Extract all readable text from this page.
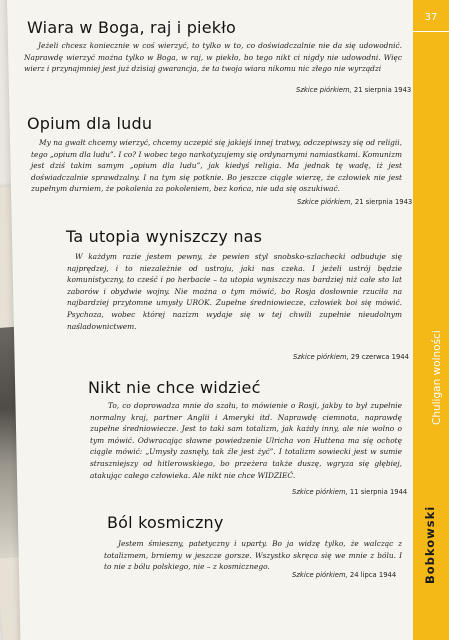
37
Chuligan wolności
Bobkowski
Wiara w Boga, raj i piekło
Jeżeli chcesz koniecznie w coś wierzyć, to tylko w to, co doświadczalnie nie da się udowodnić. Naprawdę wierzyć można tylko w Boga, w raj, w piekło, bo tego nikt ci nigdy nie udowodni. Więc wierz i przynajmniej jest już dzisiaj gwarancja, że ta twoja wiara nikomu nic złego nie wyrządzi
Szkice piórkiem, 21 sierpnia 1943
Opium dla ludu
My na gwałt chcemy wierzyć, chcemy uczepić się jakiejś innej tratwy, odczepiwszy się od religii, tego „opium dla ludu”. I co? I wobec tego narkotyzujemy się ordynarnymi namiastkami. Komunizm jest dziś takim samym „opium dla ludu”, jak kiedyś religia. Ma jednak tę wadę, iż jest doświadczalnie sprawdzalny. I na tym się potknie. Bo jeszcze ciągle wierzę, że człowiek nie jest zupełnym durniem, że pokolenia za pokoleniem, bez końca, nie uda się oszukiwać.
Szkice piórkiem, 21 sierpnia 1943
Ta utopia wyniszczy nas
W każdym razie jestem pewny, że pewien styl snobsko-szlachecki odbuduje się najprędzej, i to niezależnie od ustroju, jaki nas czeka. I jeżeli ustrój będzie komunistyczny, to cześć i po herbacie – ta utopia wyniszczy nas bardziej niż całe sto lat zaborów i obydwie wojny. Nie można o tym mówić, bo Rosja dosłownie rzuciła na najbardziej przytomne umysły UROK. Zupełne średniowiecze, człowiek boi się mówić. Psychoza, wobec której nazizm wydaje się w tej chwili zupełnie nieudolnym naśladownictwem.
Szkice piórkiem, 29 czerwca 1944
Nikt nie chce widzieć
To, co doprowadza mnie do szału, to mówienie o Rosji, jakby to był zupełnie normalny kraj, partner Anglii i Ameryki itd. Naprawdę ciemnota, naprawdę zupełne średniowiecze. Jest to taki sam totalizm, jak każdy inny, ale nie wolno o tym mówić. Odwracając sławne powiedzenie Ulricha von Huttena ma się ochotę ciągle mówić: „Umysły zasnęły, tak źle jest żyć”. I totalizm sowiecki jest w sumie straszniejszy od hitlerowskiego, bo przeżera także duszę, wgryza się głębiej, atakując całego człowieka. Ale nikt nie chce WIDZIEĆ.
Szkice piórkiem, 11 sierpnia 1944
Ból kosmiczny
Jestem śmieszny, patetyczny i uparty. Bo ja widzę tylko, że walcząc z totalizmem, brniemy w jeszcze gorsze. Wszystko skręca się we mnie z bólu. I to nie z bólu polskiego, nie – z kosmicznego.
Szkice piórkiem, 24 lipca 1944
